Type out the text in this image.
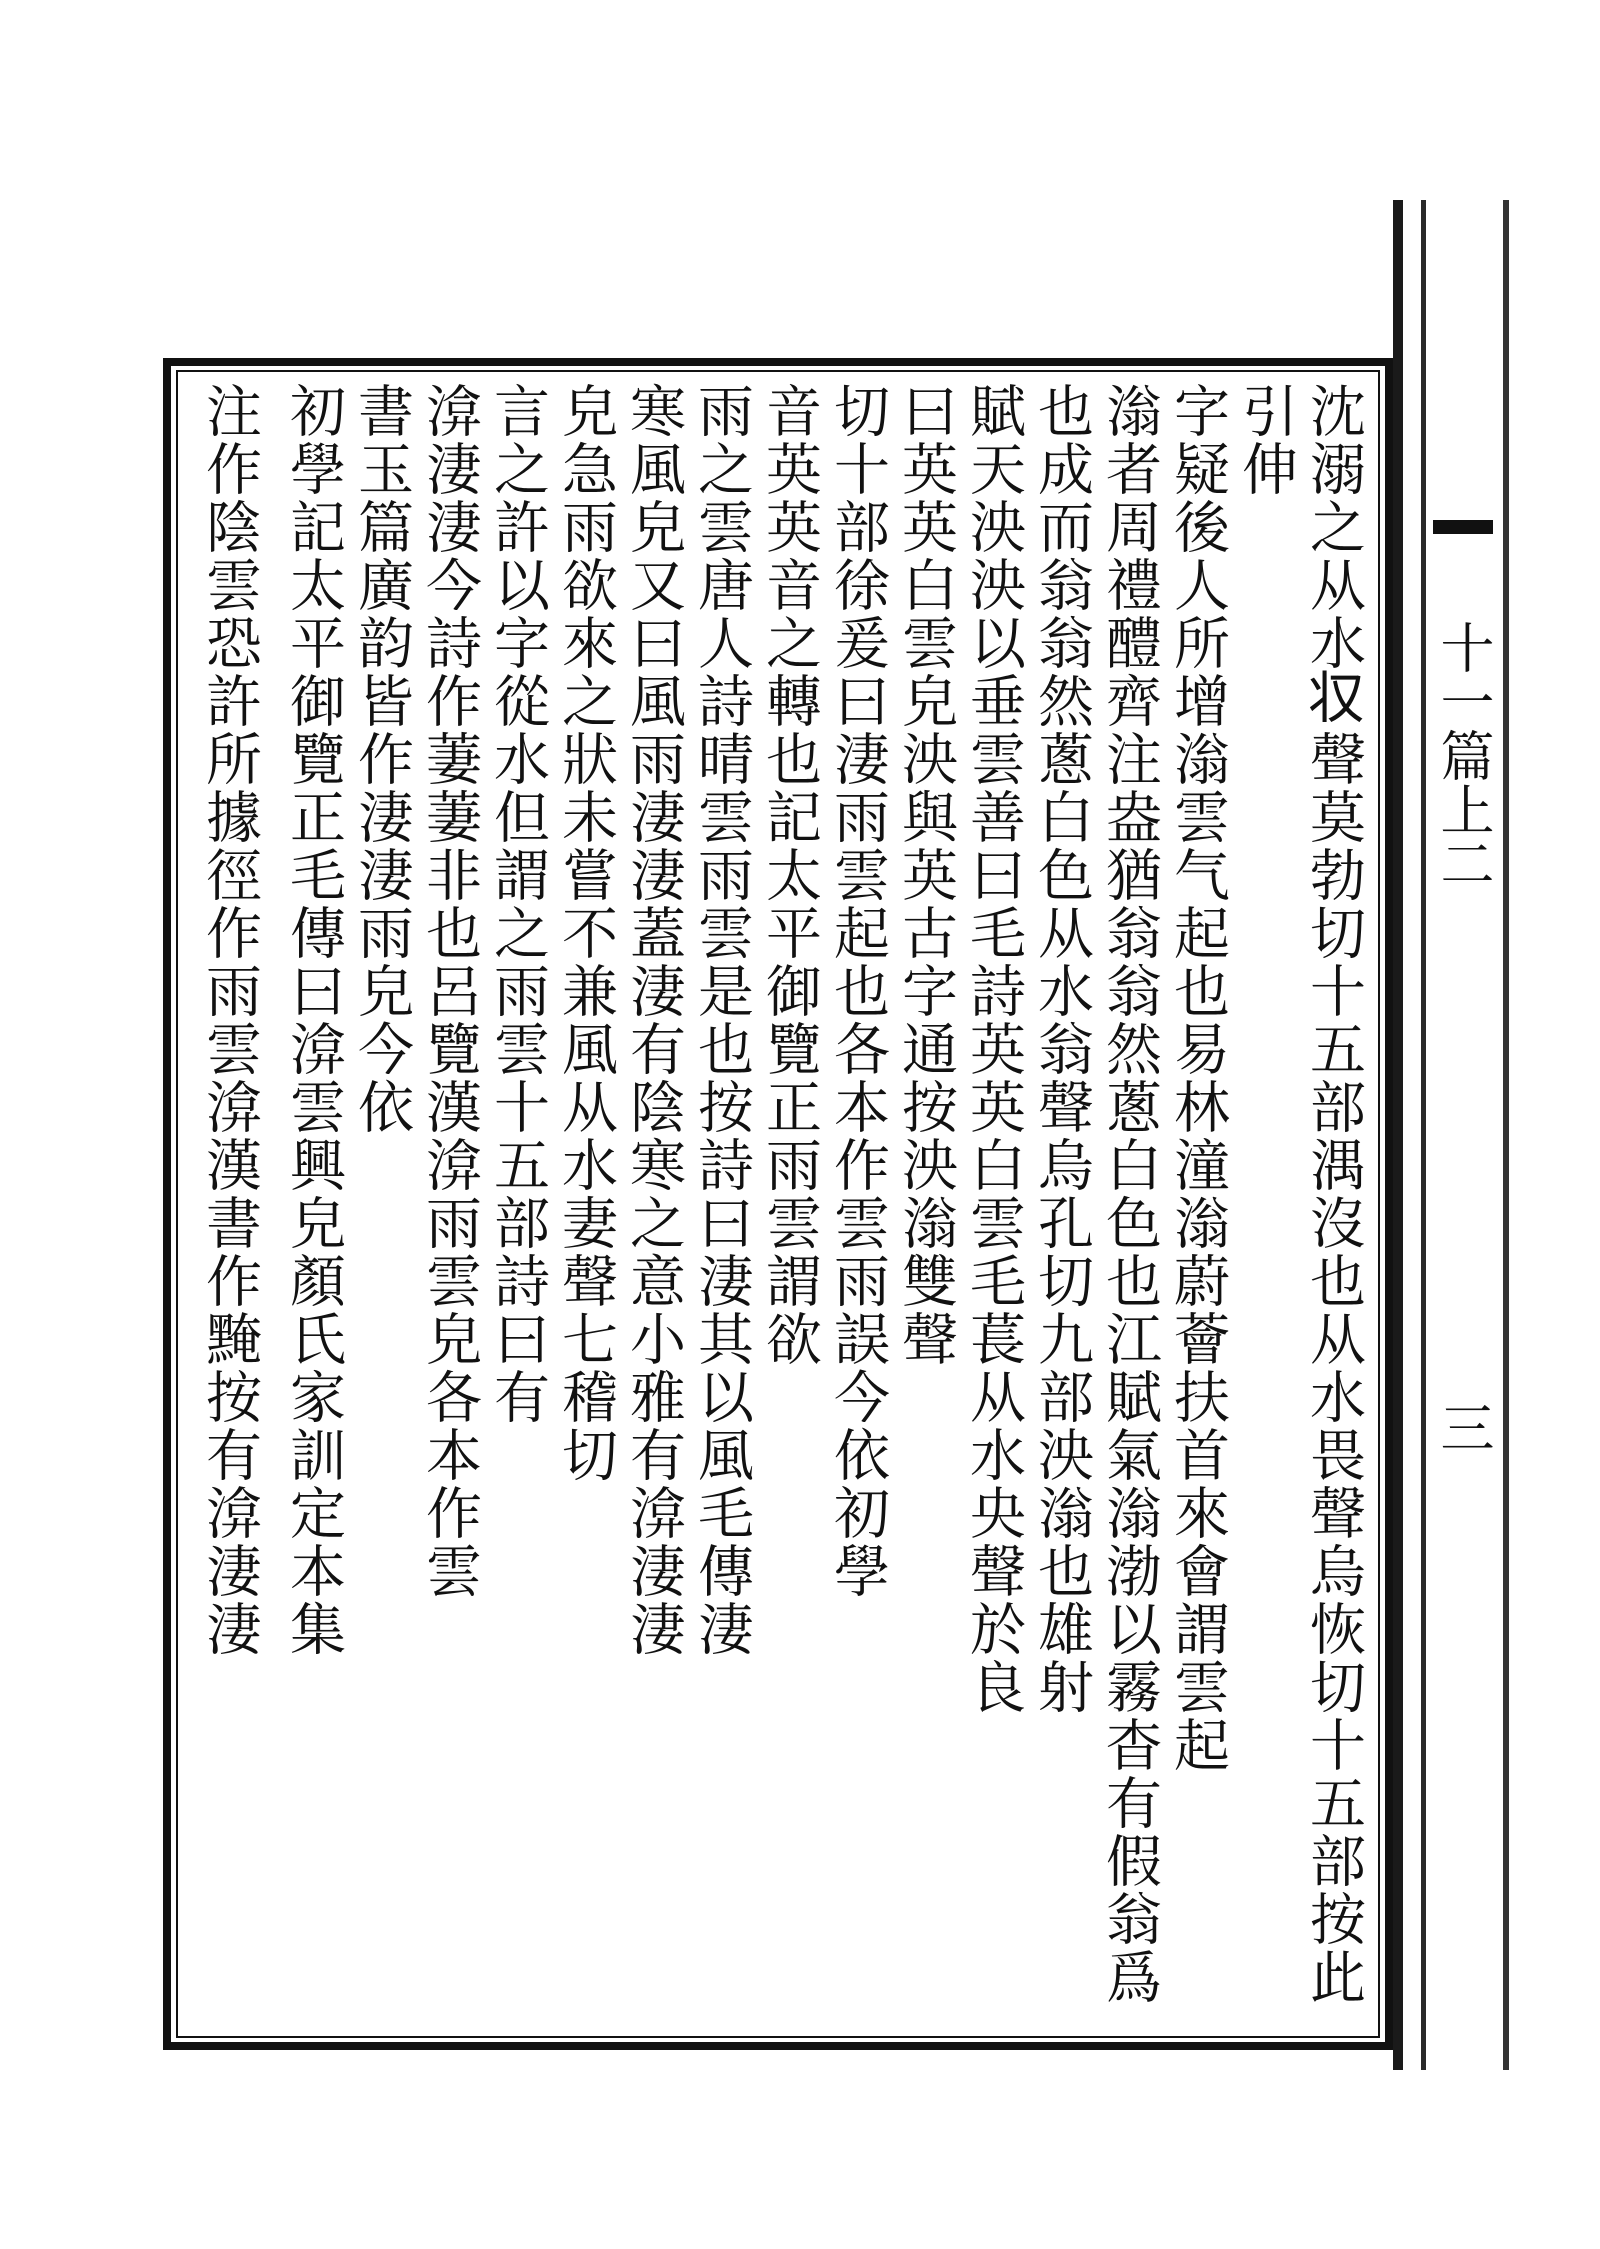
十一篇上二
三
沈溺之从水𠬧聲莫勃切十五部湡沒也从水畏聲烏恢切十五部按此
引伸
字疑後人所增滃雲气起也易林潼滃蔚薈扶首來會謂雲起
滃者周禮醴齊注盎猶翁翁然蔥白色也江賦氣滃渤以霧杳有假翁爲
也成而翁翁然蔥白色从水翁聲烏孔切九部泱滃也雄射
賦天泱泱以垂雲善曰毛詩英英白雲毛萇从水央聲於良
曰英英白雲皃泱與英古字通按泱滃雙聲
切十部徐爰曰淒雨雲起也各本作雲雨誤今依初學
音英英音之轉也記太平御覽正雨雲謂欲
雨之雲唐人詩晴雲雨雲是也按詩曰淒其以風毛傳淒
寒風皃又曰風雨淒淒蓋淒有陰寒之意小雅有渰淒淒
皃急雨欲來之狀未嘗不兼風从水妻聲七稽切
言之許以字從水但謂之雨雲十五部詩曰有
渰淒淒今詩作萋萋非也呂覽漢渰雨雲皃各本作雲
書玉篇廣韵皆作淒淒雨皃今依
初學記太平御覽正毛傳曰渰雲興皃顏氏家訓定本集
注作陰雲恐許所據徑作雨雲渰漢書作黤按有渰淒淒
